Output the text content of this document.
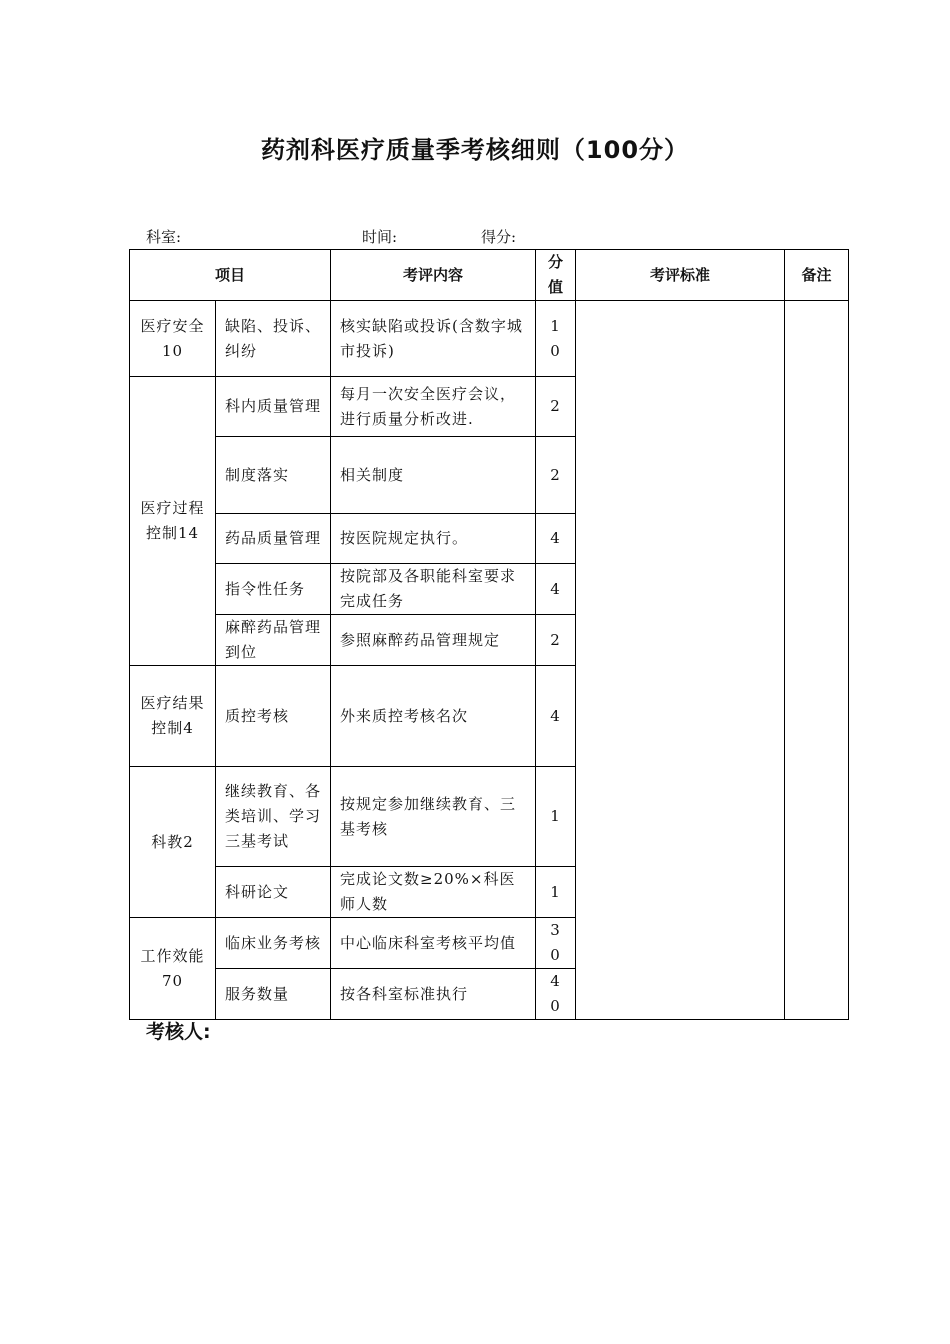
药剂科医疗质量季考核细则（100分）
科室:	时间:	得分:
项目		考评内容	分值	考评标准	备注
医疗安全10	缺陷、投诉、纠纷	核实缺陷或投诉(含数字城市投诉)	10		
医疗过程控制14	科内质量管理	每月一次安全医疗会议，进行质量分析改进.	2		
	制度落实	相关制度	2		
	药品质量管理	按医院规定执行。	4		
	指令性任务	按院部及各职能科室要求完成任务	4		
	麻醉药品管理到位	参照麻醉药品管理规定	2		
医疗结果控制4	质控考核	外来质控考核名次	4		
科教2	继续教育、各类培训、学习三基考试	按规定参加继续教育、三基考核	1		
	科研论文	完成论文数≥20%×科医师人数	1		
工作效能70	临床业务考核	中心临床科室考核平均值	30		
	服务数量	按各科室标准执行	40		
考核人:
